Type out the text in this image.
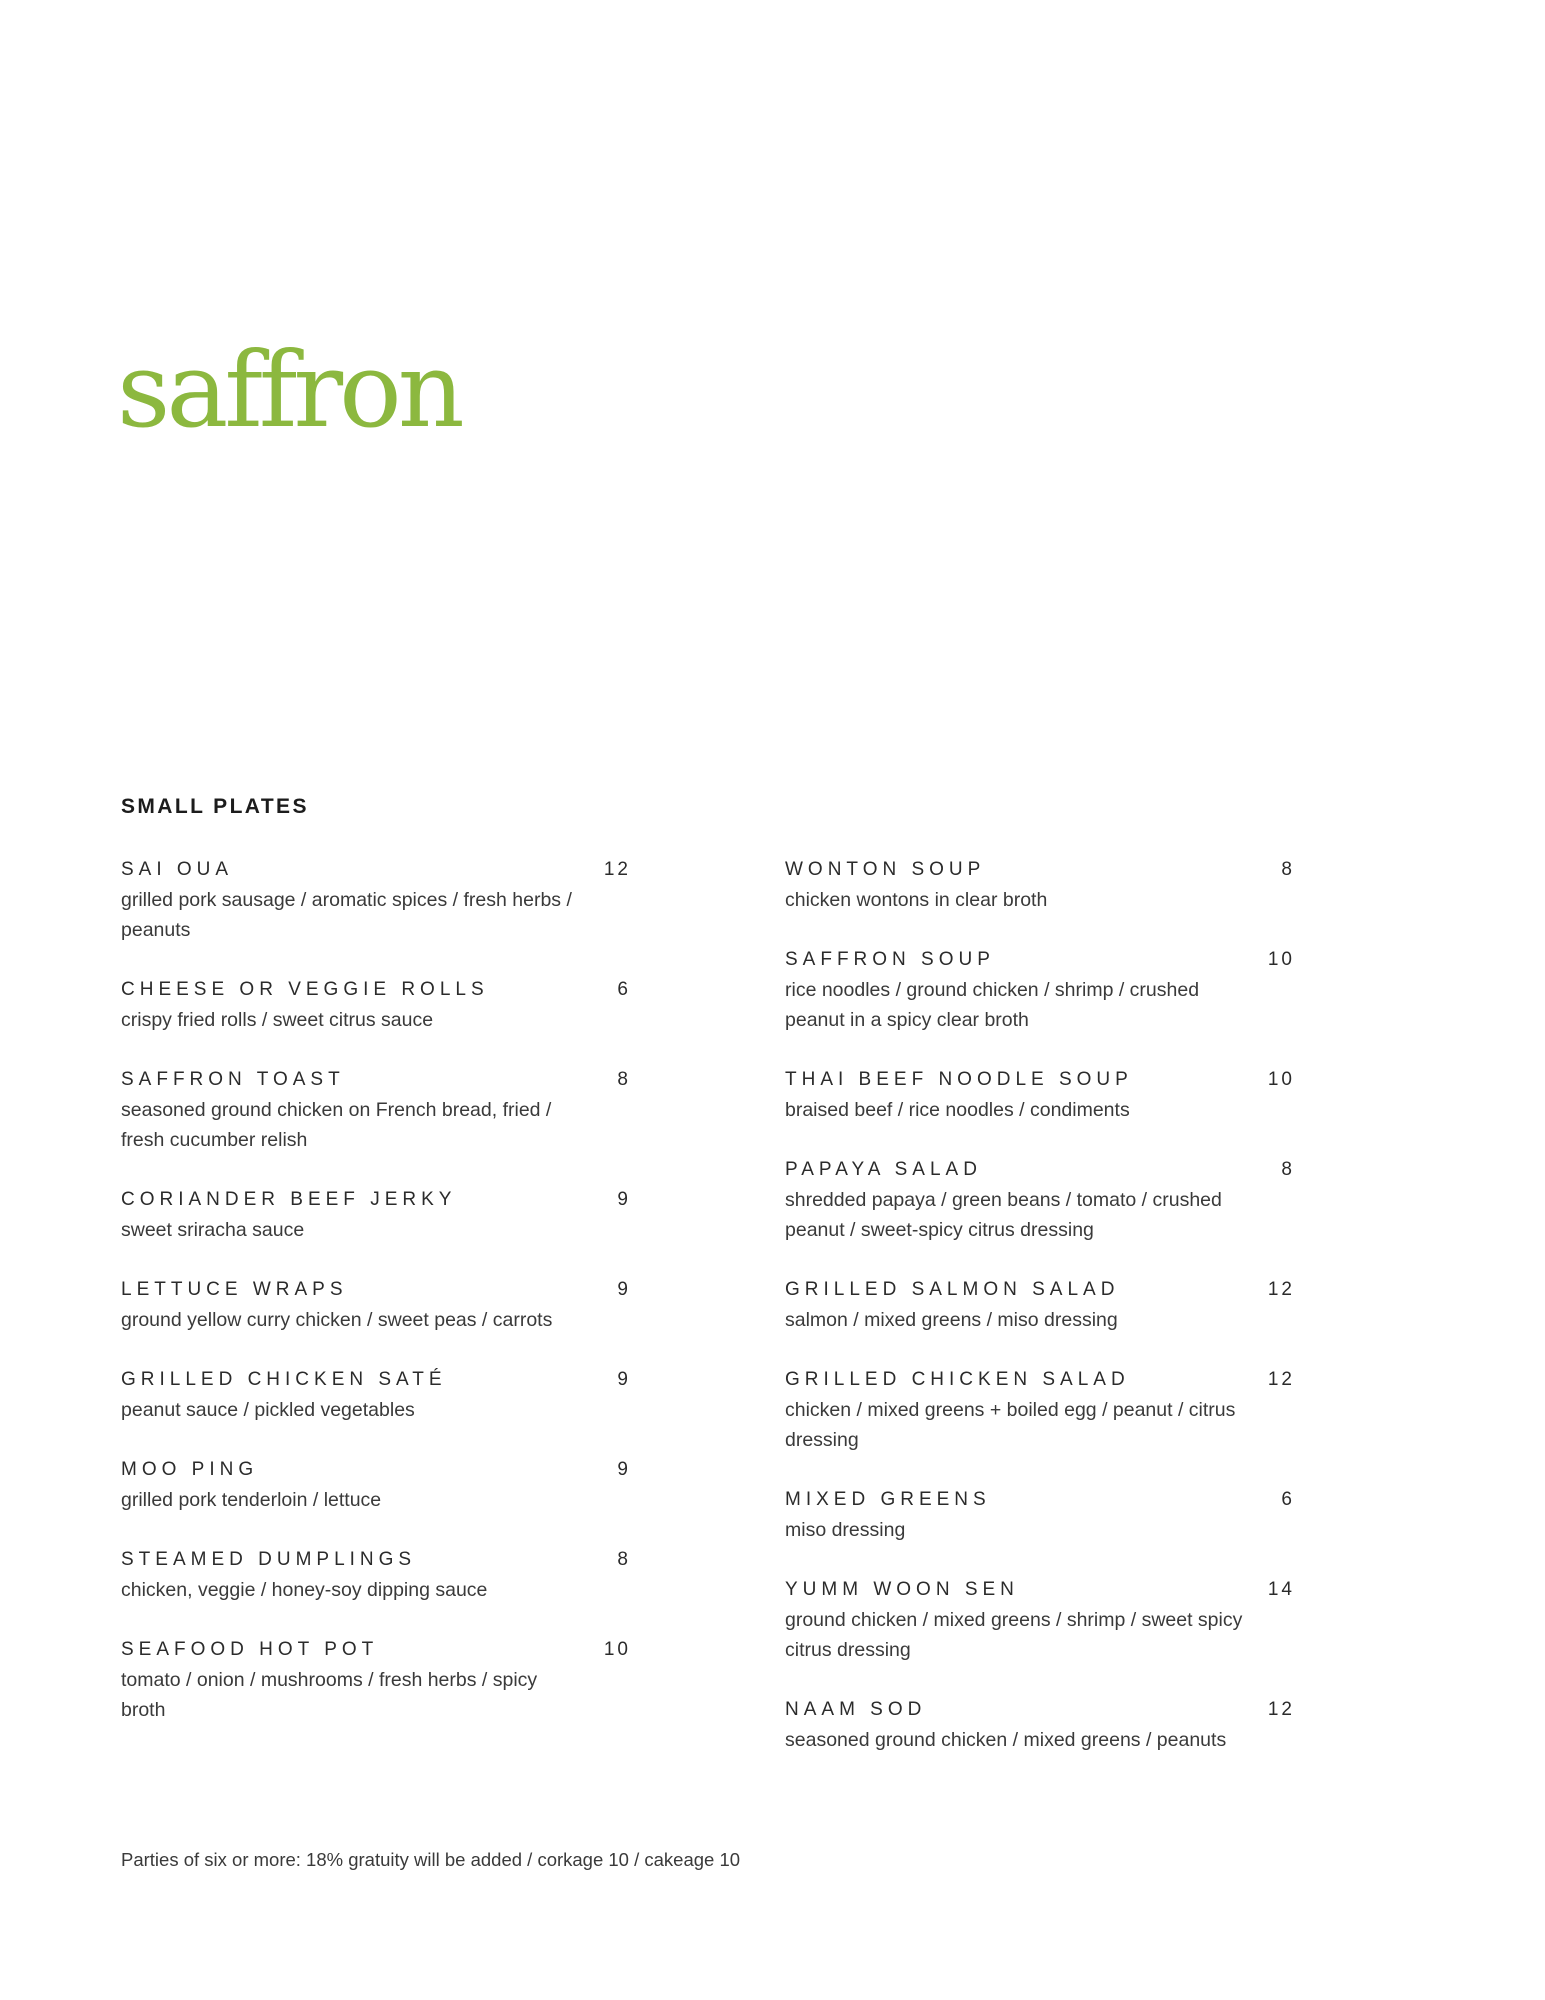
saffron
SMALL PLATES
SAI OUA	12
grilled pork sausage / aromatic spices / fresh herbs / peanuts
CHEESE OR VEGGIE ROLLS	6
crispy fried rolls / sweet citrus sauce
SAFFRON TOAST	8
seasoned ground chicken on French bread, fried / fresh cucumber relish
CORIANDER BEEF JERKY	9
sweet sriracha sauce
LETTUCE WRAPS	9
ground yellow curry chicken / sweet peas / carrots
GRILLED CHICKEN SATÉ	9
peanut sauce / pickled vegetables
MOO PING	9
grilled pork tenderloin / lettuce
STEAMED DUMPLINGS	8
chicken, veggie / honey-soy dipping sauce
SEAFOOD HOT POT	10
tomato / onion / mushrooms / fresh herbs / spicy broth
WONTON SOUP	8
chicken wontons in clear broth
SAFFRON SOUP	10
rice noodles / ground chicken / shrimp / crushed peanut in a spicy clear broth
THAI BEEF NOODLE SOUP	10
braised beef / rice noodles / condiments
PAPAYA SALAD	8
shredded papaya / green beans / tomato / crushed peanut / sweet-spicy citrus dressing
GRILLED SALMON SALAD	12
salmon / mixed greens / miso dressing
GRILLED CHICKEN SALAD	12
chicken / mixed greens + boiled egg / peanut / citrus dressing
MIXED GREENS	6
miso dressing
YUMM WOON SEN	14
ground chicken / mixed greens / shrimp / sweet spicy citrus dressing
NAAM SOD	12
seasoned ground chicken / mixed greens / peanuts
Parties of six or more: 18% gratuity will be added / corkage 10 / cakeage 10
